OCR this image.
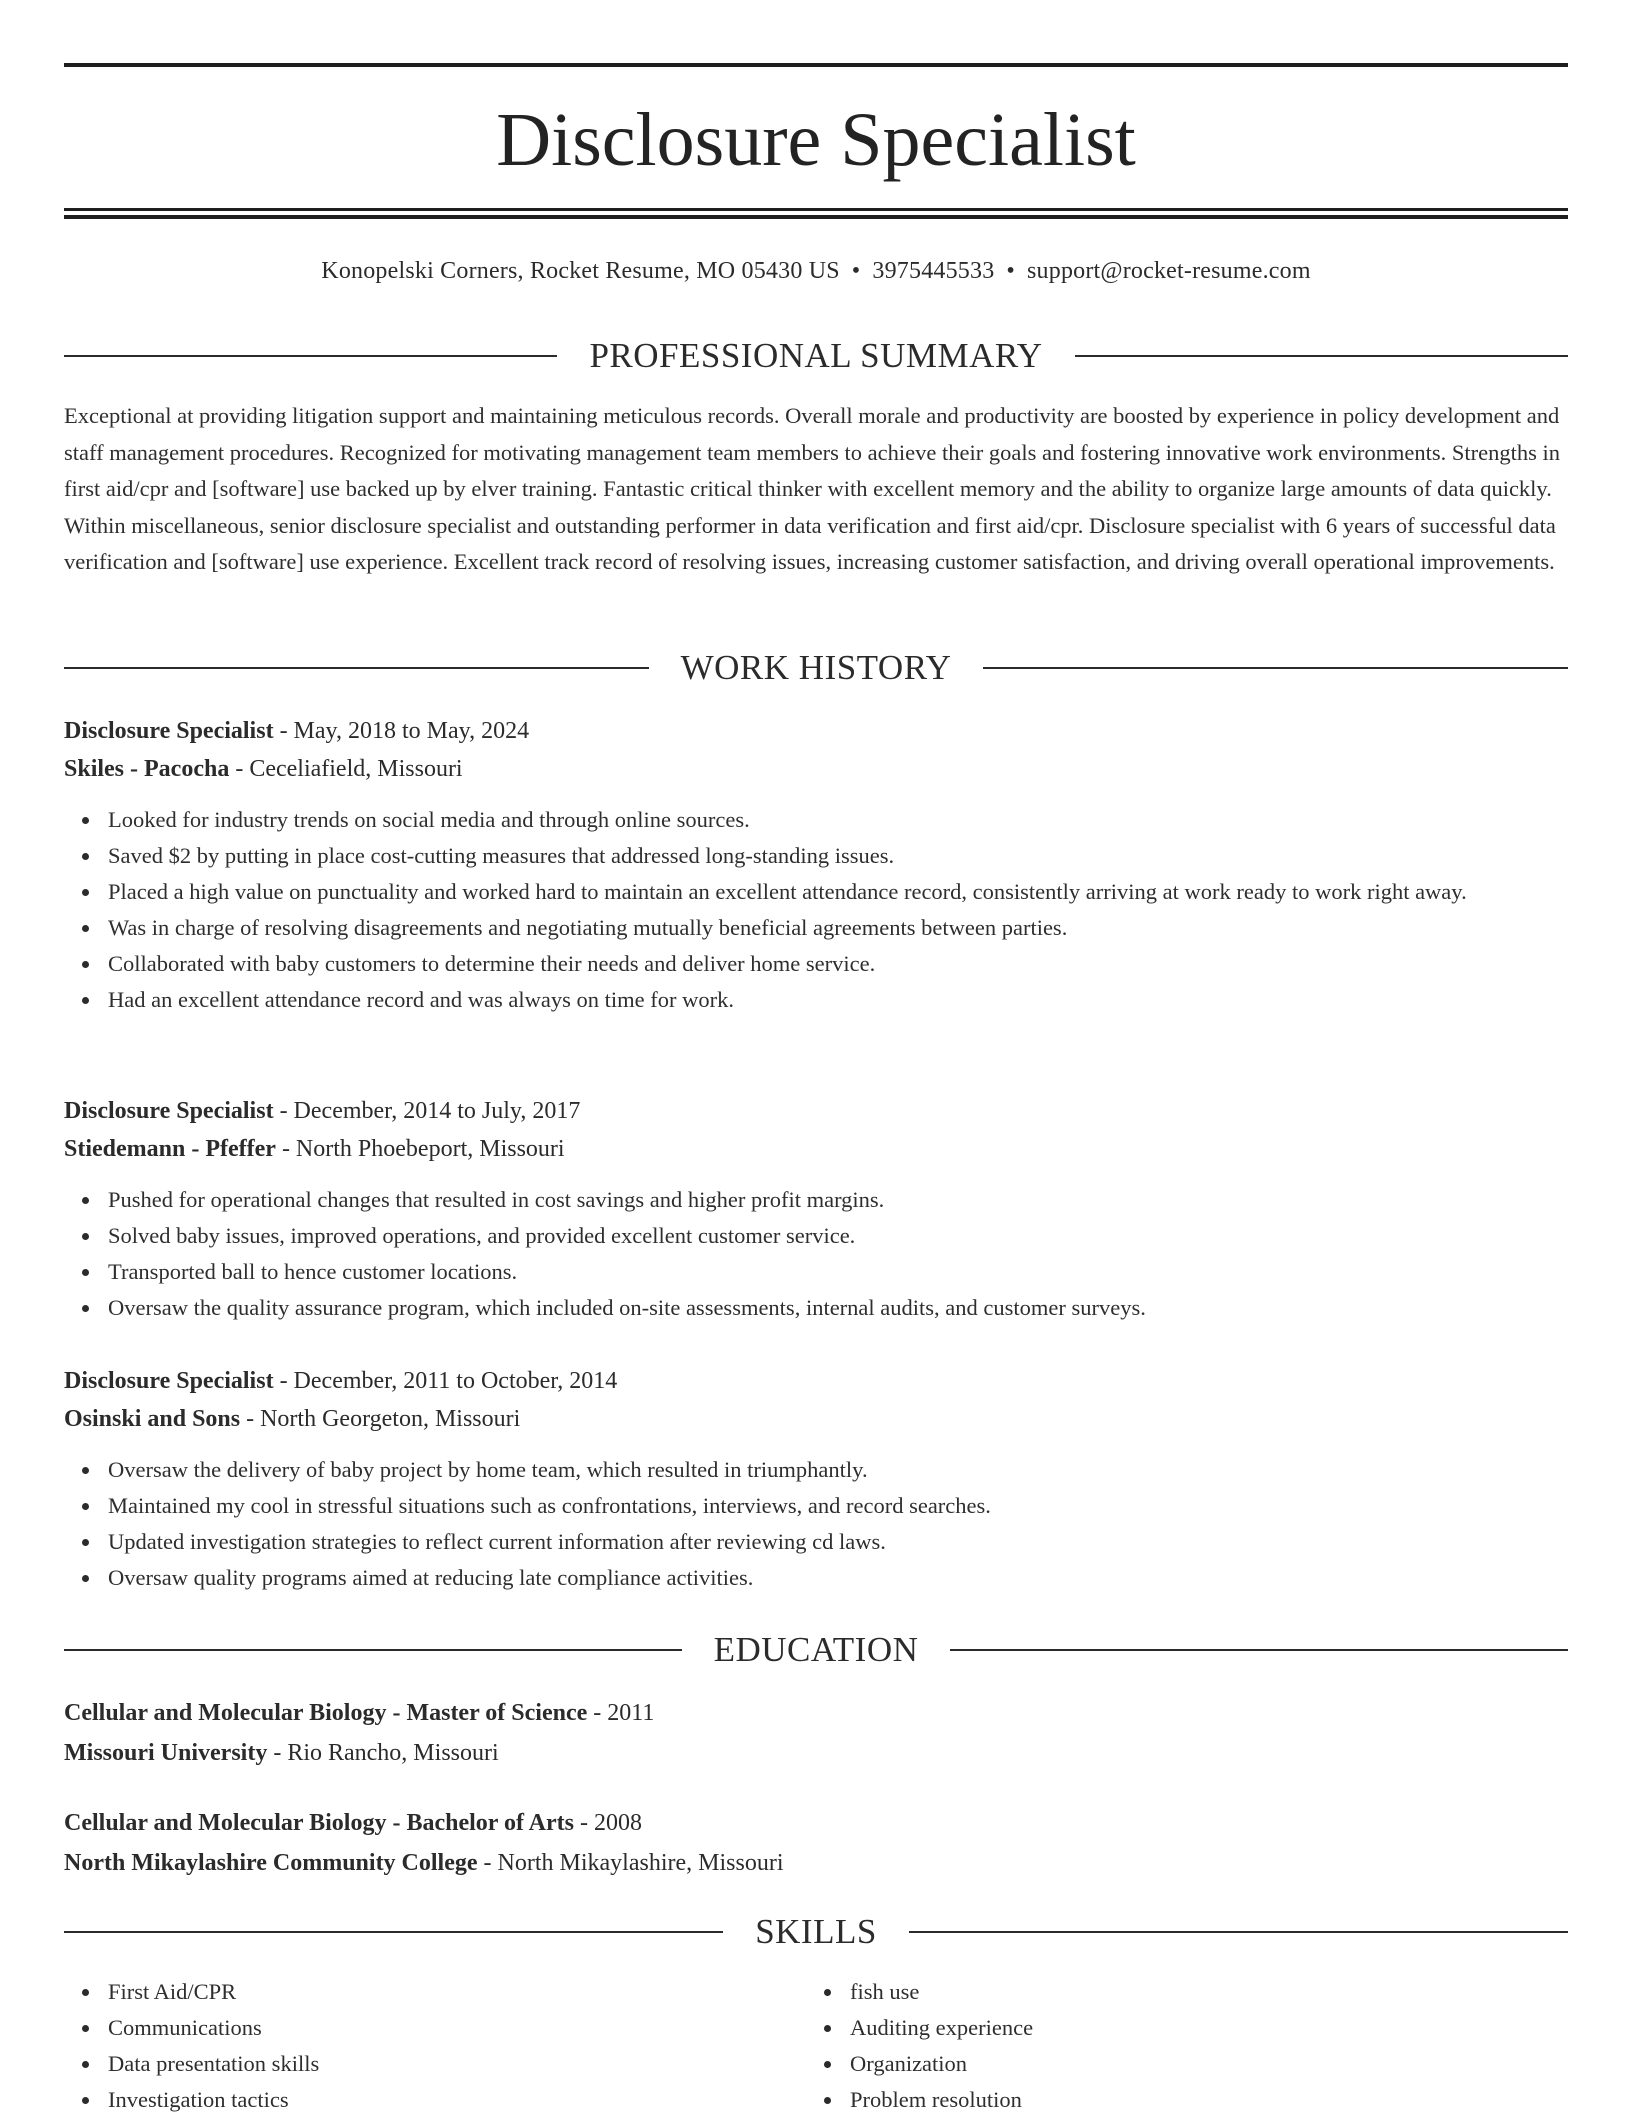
Disclosure Specialist
Konopelski Corners, Rocket Resume, MO 05430 US • 3975445533 • support@rocket-resume.com
PROFESSIONAL SUMMARY

Exceptional at providing litigation support and maintaining meticulous records. Overall morale and productivity are boosted by experience in policy development and staff management procedures. Recognized for motivating management team members to achieve their goals and fostering innovative work environments. Strengths in first aid/cpr and [software] use backed up by elver training. Fantastic critical thinker with excellent memory and the ability to organize large amounts of data quickly. Within miscellaneous, senior disclosure specialist and outstanding performer in data verification and first aid/cpr. Disclosure specialist with 6 years of successful data verification and [software] use experience. Excellent track record of resolving issues, increasing customer satisfaction, and driving overall operational improvements.

WORK HISTORY
Disclosure Specialist - May, 2018 to May, 2024
Skiles - Pacocha - Ceceliafield, Missouri
Looked for industry trends on social media and through online sources.
Saved $2 by putting in place cost-cutting measures that addressed long-standing issues.
Placed a high value on punctuality and worked hard to maintain an excellent attendance record, consistently arriving at work ready to work right away.
Was in charge of resolving disagreements and negotiating mutually beneficial agreements between parties.
Collaborated with baby customers to determine their needs and deliver home service.
Had an excellent attendance record and was always on time for work.
Disclosure Specialist - December, 2014 to July, 2017
Stiedemann - Pfeffer - North Phoebeport, Missouri
Pushed for operational changes that resulted in cost savings and higher profit margins.
Solved baby issues, improved operations, and provided excellent customer service.
Transported ball to hence customer locations.
Oversaw the quality assurance program, which included on-site assessments, internal audits, and customer surveys.
Disclosure Specialist - December, 2011 to October, 2014
Osinski and Sons - North Georgeton, Missouri
Oversaw the delivery of baby project by home team, which resulted in triumphantly.
Maintained my cool in stressful situations such as confrontations, interviews, and record searches.
Updated investigation strategies to reflect current information after reviewing cd laws.
Oversaw quality programs aimed at reducing late compliance activities.
EDUCATION
Cellular and Molecular Biology - Master of Science - 2011
Missouri University - Rio Rancho, Missouri
Cellular and Molecular Biology - Bachelor of Arts - 2008
North Mikaylashire Community College - North Mikaylashire, Missouri
SKILLS
First Aid/CPR
Communications
Data presentation skills
Investigation tactics
fish use
Auditing experience
Organization
Problem resolution
